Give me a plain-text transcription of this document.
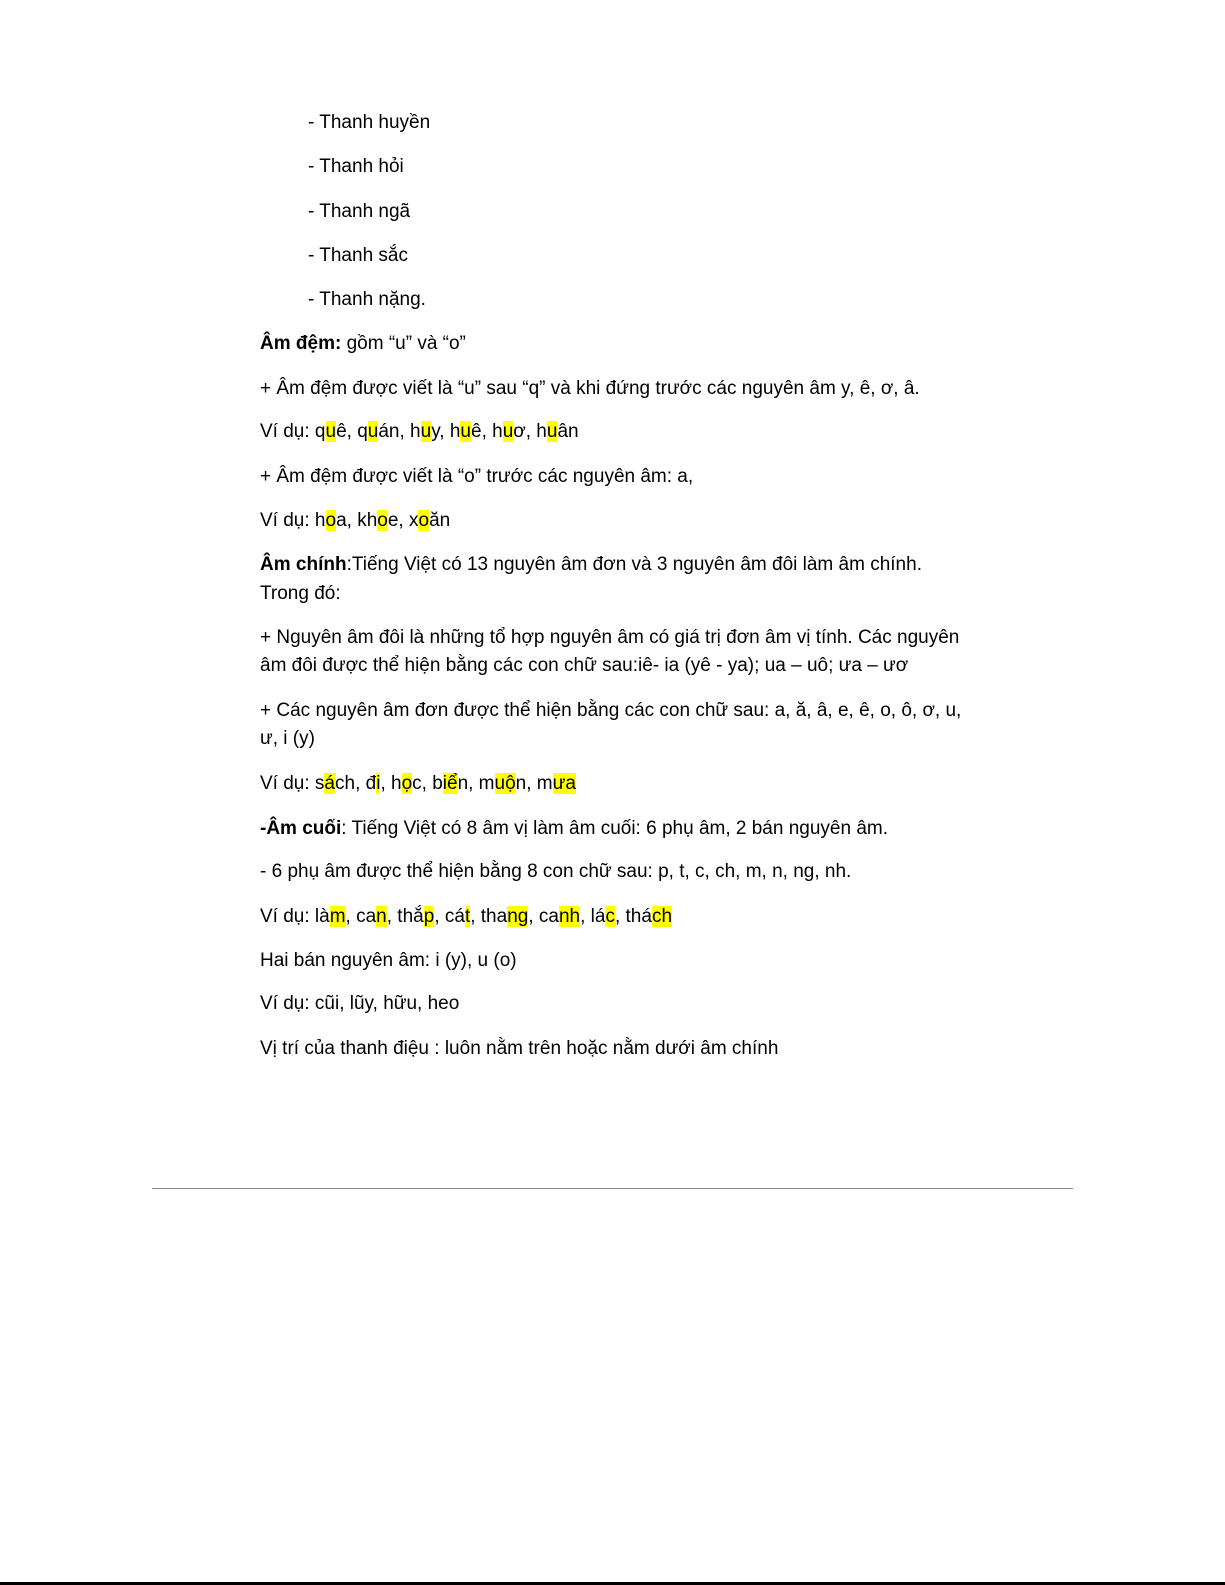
- Thanh huyền
- Thanh hỏi
- Thanh ngã
- Thanh sắc
- Thanh nặng.
Âm đệm: gồm “u” và “o”
+ Âm đệm được viết là “u” sau “q” và khi đứng trước các nguyên âm y, ê, ơ, â.
Ví dụ: quê, quán, huy, huê, huơ, huân
+ Âm đệm được viết là “o” trước các nguyên âm: a,
Ví dụ: hoa, khoe, xoăn
Âm chính:Tiếng Việt có 13 nguyên âm đơn và 3 nguyên âm đôi làm âm chính.
Trong đó:
+ Nguyên âm đôi là những tổ hợp nguyên âm có giá trị đơn âm vị tính. Các nguyên
âm đôi được thể hiện bằng các con chữ sau:iê- ia (yê - ya); ua – uô; ưa – ươ
+ Các nguyên âm đơn được thể hiện bằng các con chữ sau: a, ă, â, e, ê, o, ô, ơ, u,
ư, i (y)
Ví dụ: sách, đi, học, biển, muộn, mưa
-Âm cuối: Tiếng Việt có 8 âm vị làm âm cuối: 6 phụ âm, 2 bán nguyên âm.
- 6 phụ âm được thể hiện bằng 8 con chữ sau: p, t, c, ch, m, n, ng, nh.
Ví dụ: làm, can, thắp, cát, thang, canh, lác, thách
Hai bán nguyên âm: i (y), u (o)
Ví dụ: cũi, lũy, hữu, heo
Vị trí của thanh điệu : luôn nằm trên hoặc nằm dưới âm chính
